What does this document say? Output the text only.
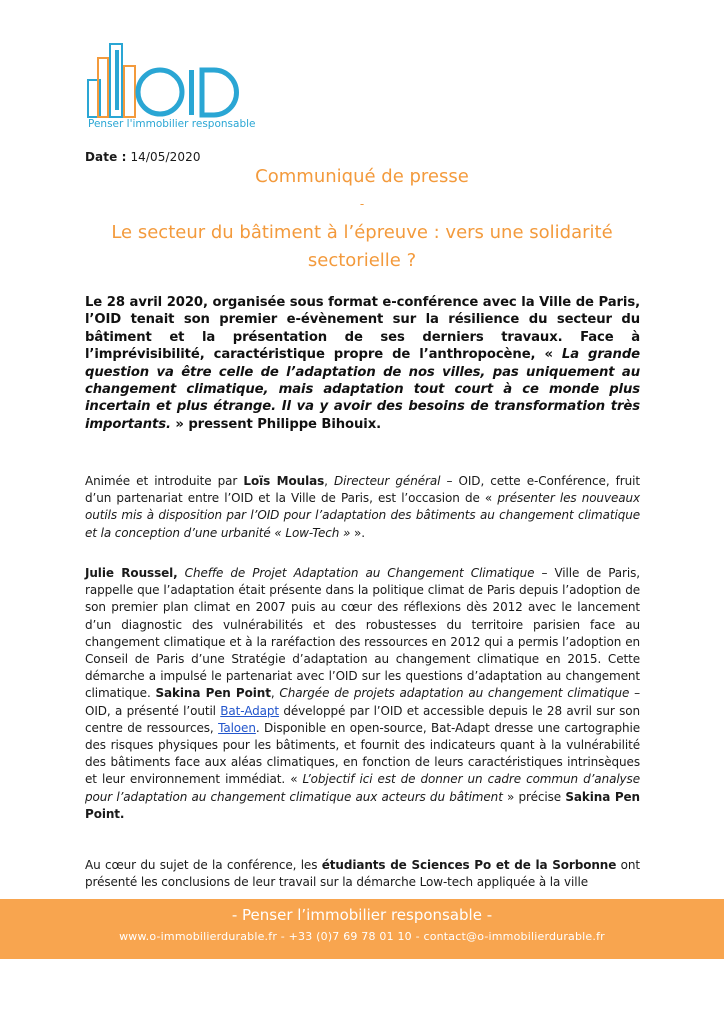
Penser l'immobilier responsable
Date : 14/05/2020
Communiqué de presse
-
Le secteur du bâtiment à l’épreuve : vers une solidarité sectorielle ?
Le 28 avril 2020, organisée sous format e-conférence avec la Ville de Paris, l’OID tenait son premier e-évènement sur la résilience du secteur du bâtiment et la présentation de ses derniers travaux. Face à l’imprévisibilité, caractéristique propre de l’anthropocène, « La grande question va être celle de l’adaptation de nos villes, pas uniquement au changement climatique, mais adaptation tout court à ce monde plus incertain et plus étrange. Il va y avoir des besoins de transformation très importants. » pressent Philippe Bihouix.
Animée et introduite par Loïs Moulas, Directeur général – OID, cette e-Conférence, fruit d’un partenariat entre l’OID et la Ville de Paris, est l’occasion de « présenter les nouveaux outils mis à disposition par l’OID pour l’adaptation des bâtiments au changement climatique et la conception d’une urbanité « Low-Tech » ».
Julie Roussel, Cheffe de Projet Adaptation au Changement Climatique – Ville de Paris, rappelle que l’adaptation était présente dans la politique climat de Paris depuis l’adoption de son premier plan climat en 2007 puis au cœur des réflexions dès 2012 avec le lancement d’un diagnostic des vulnérabilités et des robustesses du territoire parisien face au changement climatique et à la raréfaction des ressources en 2012 qui a permis l’adoption en Conseil de Paris d’une Stratégie d’adaptation au changement climatique en 2015. Cette démarche a impulsé le partenariat avec l’OID sur les questions d’adaptation au changement climatique. Sakina Pen Point, Chargée de projets adaptation au changement climatique – OID, a présenté l’outil Bat-Adapt développé par l’OID et accessible depuis le 28 avril sur son centre de ressources, Taloen. Disponible en open-source, Bat-Adapt dresse une cartographie des risques physiques pour les bâtiments, et fournit des indicateurs quant à la vulnérabilité des bâtiments face aux aléas climatiques, en fonction de leurs caractéristiques intrinsèques et leur environnement immédiat. « L’objectif ici est de donner un cadre commun d’analyse pour l’adaptation au changement climatique aux acteurs du bâtiment » précise Sakina Pen Point.
Au cœur du sujet de la conférence, les étudiants de Sciences Po et de la Sorbonne ont présenté les conclusions de leur travail sur la démarche Low-tech appliquée à la ville
- Penser l’immobilier responsable -
www.o-immobilierdurable.fr - +33 (0)7 69 78 01 10 - contact@o-immobilierdurable.fr
